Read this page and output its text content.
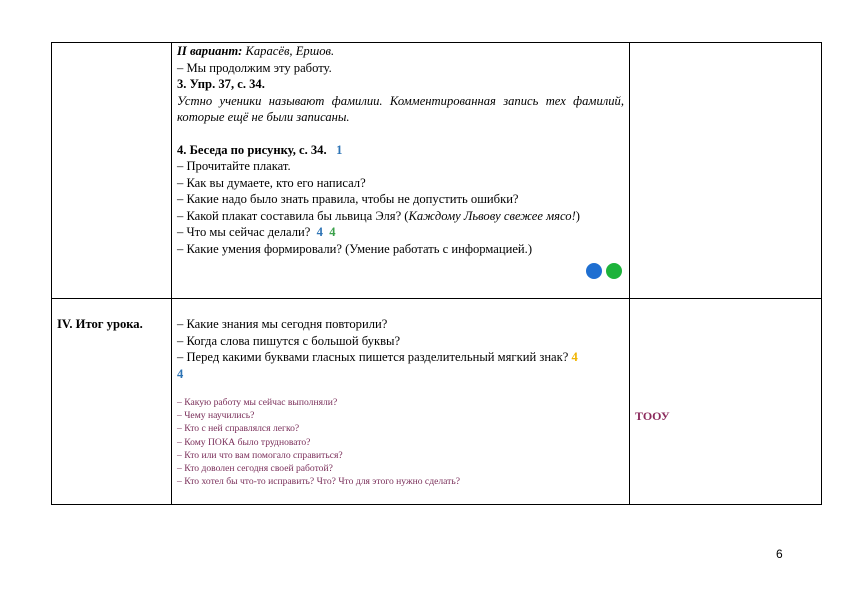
II вариант: Карасёв, Ершов.
– Мы продолжим эту работу.
3. Упр. 37, с. 34.
Устно ученики называют фамилии. Комментированная запись тех фамилий, которые ещё не были записаны.
4. Беседа по рисунку, с. 34. 1
– Прочитайте плакат.
– Как вы думаете, кто его написал?
– Какие надо было знать правила, чтобы не допустить ошибки?
– Какой плакат составила бы львица Эля? (Каждому Львову свежее мясо!)
– Что мы сейчас делали? 4 4
– Какие умения формировали? (Умение работать с информацией.)
IV. Итог урока.	– Какие знания мы сегодня повторили?
– Когда слова пишутся с большой буквы?
– Перед какими буквами гласных пишется разделительный мягкий знак? 4
4
– Какую работу мы сейчас выполняли?
– Чему научились?
– Кто с ней справлялся легко?
– Кому ПОКА было трудновато?
– Кто или что вам помогало справиться?
– Кто доволен сегодня своей работой?
– Кто хотел бы что-то исправить? Что? Что для этого нужно сделать?
ТООУ
6
